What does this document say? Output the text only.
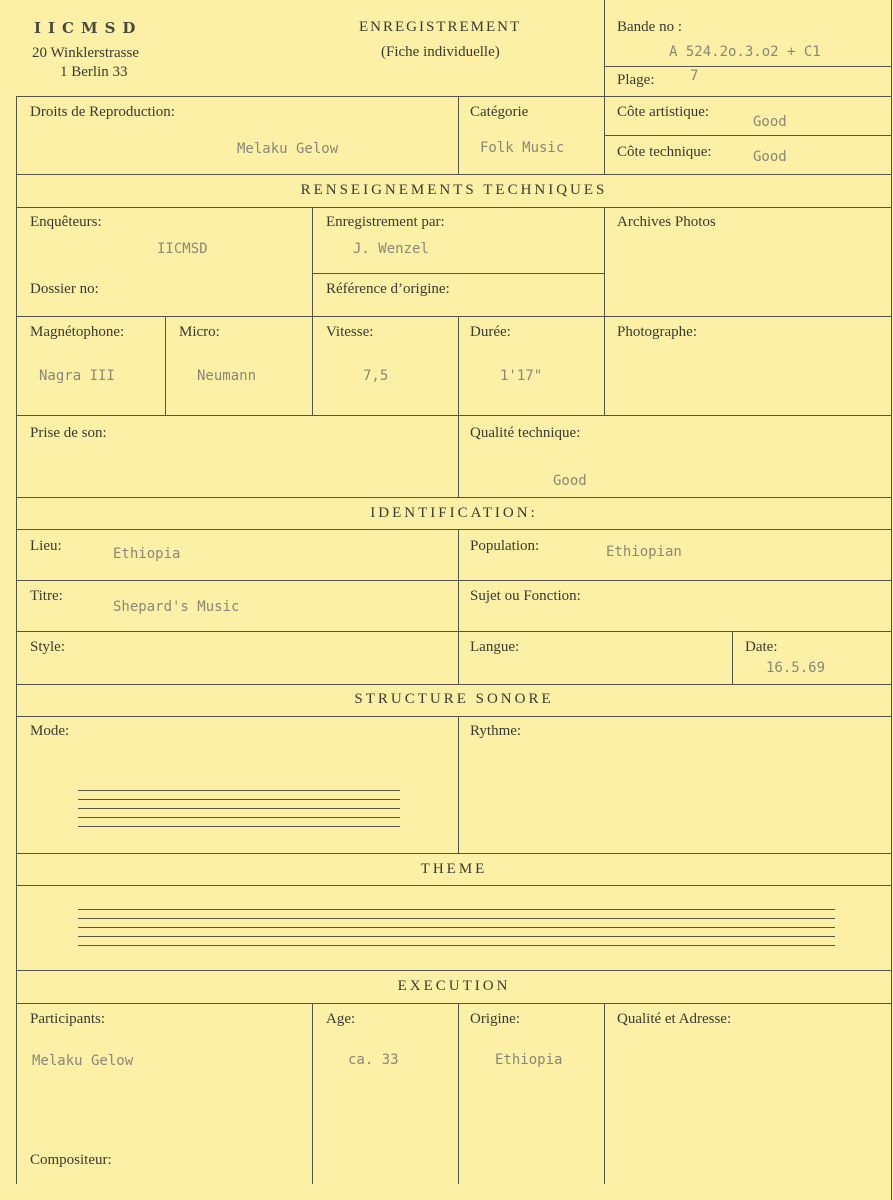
IICMSD
20 Winklerstrasse
1 Berlin 33
ENREGISTREMENT
(Fiche individuelle)
Bande no :
A 524.2o.3.o2 + C1
Plage:	7
Droits de Reproduction:
Melaku Gelow
Catégorie
Folk Music
Côte artistique:
Good
Côte technique:	Good
RENSEIGNEMENTS TECHNIQUES
Enquêteurs:
IICMSD
Enregistrement par:
J. Wenzel
Archives Photos
Dossier no:	Référence d’origine:
Magnétophone:
Nagra III
Micro:
Neumann
Vitesse:
7,5
Durée:
1'17"
Photographe:
Prise de son:	Qualité technique:
Good
IDENTIFICATION:
Lieu:	Ethiopia	Population:	Ethiopian
Titre:
Shepard's Music
Sujet ou Fonction:
Style:	Langue:	Date:
16.5.69
STRUCTURE SONORE
Mode:	Rythme:
THEME
EXECUTION
Participants:
Melaku Gelow
Age:
ca. 33
Origine:
Ethiopia
Qualité et Adresse:
Compositeur:
